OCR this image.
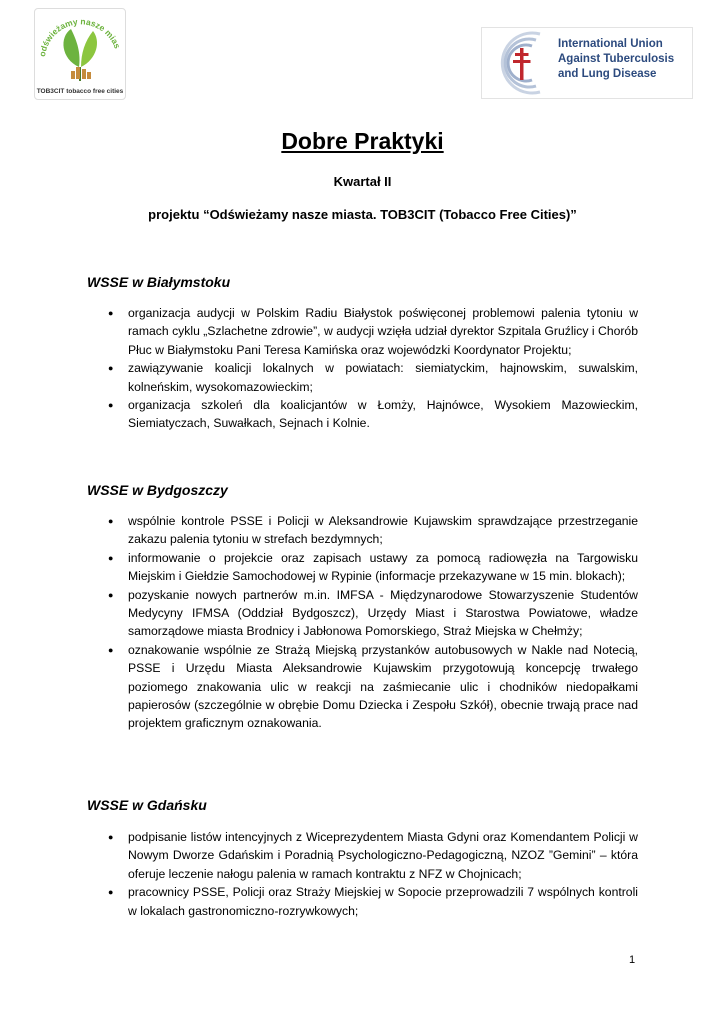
odświeżamy nasze mias
TOB3CIT tobacco free cities
International Union
Against Tuberculosis
and Lung Disease
Dobre Praktyki
Kwartał II
projektu “Odświeżamy nasze miasta. TOB3CIT (Tobacco Free Cities)”
WSSE w Białymstoku
● organizacja audycji w Polskim Radiu Białystok poświęconej problemowi palenia tytoniu w ramach cyklu „Szlachetne zdrowie”, w audycji wzięła udział dyrektor Szpitala Gruźlicy i Chorób Płuc w Białymstoku Pani Teresa Kamińska oraz wojewódzki Koordynator Projektu;
● zawiązywanie koalicji lokalnych w powiatach: siemiatyckim, hajnowskim, suwalskim, kolneńskim, wysokomazowieckim;
● organizacja szkoleń dla koalicjantów w Łomży, Hajnówce, Wysokiem Mazowieckim, Siemiatyczach, Suwałkach, Sejnach i Kolnie.
WSSE w Bydgoszczy
● wspólnie kontrole PSSE i Policji w Aleksandrowie Kujawskim sprawdzające przestrzeganie zakazu palenia tytoniu w strefach bezdymnych;
● informowanie o projekcie oraz zapisach ustawy za pomocą radiowęzła na Targowisku Miejskim i Giełdzie Samochodowej w Rypinie (informacje przekazywane w 15 min. blokach);
● pozyskanie nowych partnerów m.in. IMFSA - Międzynarodowe Stowarzyszenie Studentów Medycyny IFMSA (Oddział Bydgoszcz), Urzędy Miast i Starostwa Powiatowe, władze samorządowe miasta Brodnicy i Jabłonowa Pomorskiego, Straż Miejska w Chełmży;
● oznakowanie wspólnie ze Strażą Miejską przystanków autobusowych w Nakle nad Notecią, PSSE i Urzędu Miasta Aleksandrowie Kujawskim przygotowują koncepcję trwałego poziomego znakowania ulic w reakcji na zaśmiecanie ulic i chodników niedopałkami papierosów (szczególnie w obrębie Domu Dziecka i Zespołu Szkół), obecnie trwają prace nad projektem graficznym oznakowania.
WSSE w Gdańsku
● podpisanie listów intencyjnych z Wiceprezydentem Miasta Gdyni oraz Komendantem Policji w Nowym Dworze Gdańskim i Poradnią Psychologiczno-Pedagogiczną, NZOZ ”Gemini” – która oferuje leczenie nałogu palenia w ramach kontraktu z NFZ w Chojnicach;
● pracownicy PSSE, Policji oraz Straży Miejskiej w Sopocie przeprowadzili 7 wspólnych kontroli w lokalach gastronomiczno-rozrywkowych;
1
